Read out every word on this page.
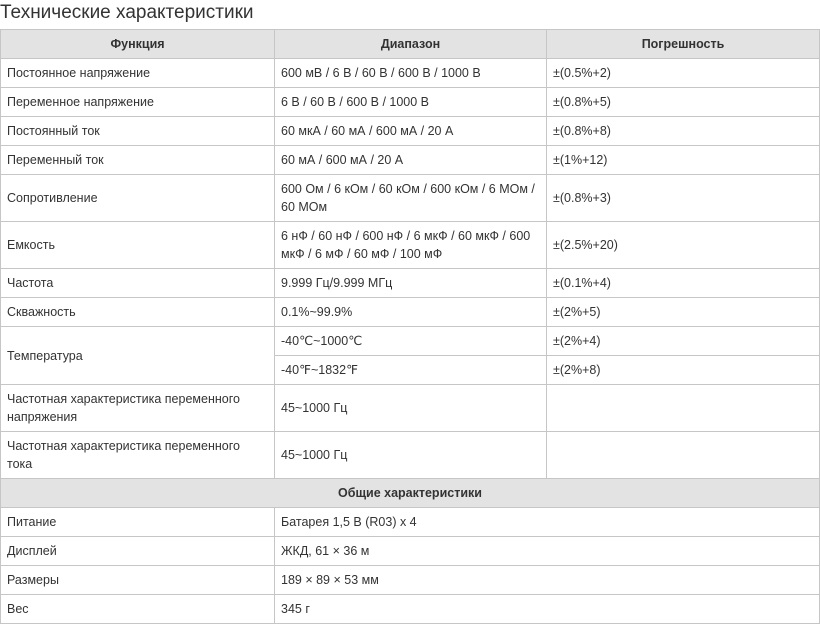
Технические характеристики
Функция	Диапазон	Погрешность
Постоянное напряжение	600 мВ / 6 В / 60 В / 600 В / 1000 В	±(0.5%+2)
Переменное напряжение	6 В / 60 В / 600 В / 1000 В	±(0.8%+5)
Постоянный ток	60 мкА / 60 мА / 600 мА / 20 А	±(0.8%+8)
Переменный ток	60 мА / 600 мА / 20 А	±(1%+12)
Сопротивление	600 Ом / 6 кОм / 60 кОм / 600 кОм / 6 МОм / 60 МОм	±(0.8%+3)
Емкость	6 нФ / 60 нФ / 600 нФ / 6 мкФ / 60 мкФ / 600 мкФ / 6 мФ / 60 мФ / 100 мФ	±(2.5%+20)
Частота	9.999 Гц/9.999 МГц	±(0.1%+4)
Скважность	0.1%~99.9%	±(2%+5)
Температура	-40℃~1000℃	±(2%+4)
	-40℉~1832℉	±(2%+8)
Частотная характеристика переменного напряжения	45~1000 Гц	
Частотная характеристика переменного тока	45~1000 Гц	
Общие характеристики		
Питание	Батарея 1,5 В (R03) x 4	
Дисплей	ЖКД, 61 × 36 м	
Размеры	189 × 89 × 53 мм	
Вес	345 г	
